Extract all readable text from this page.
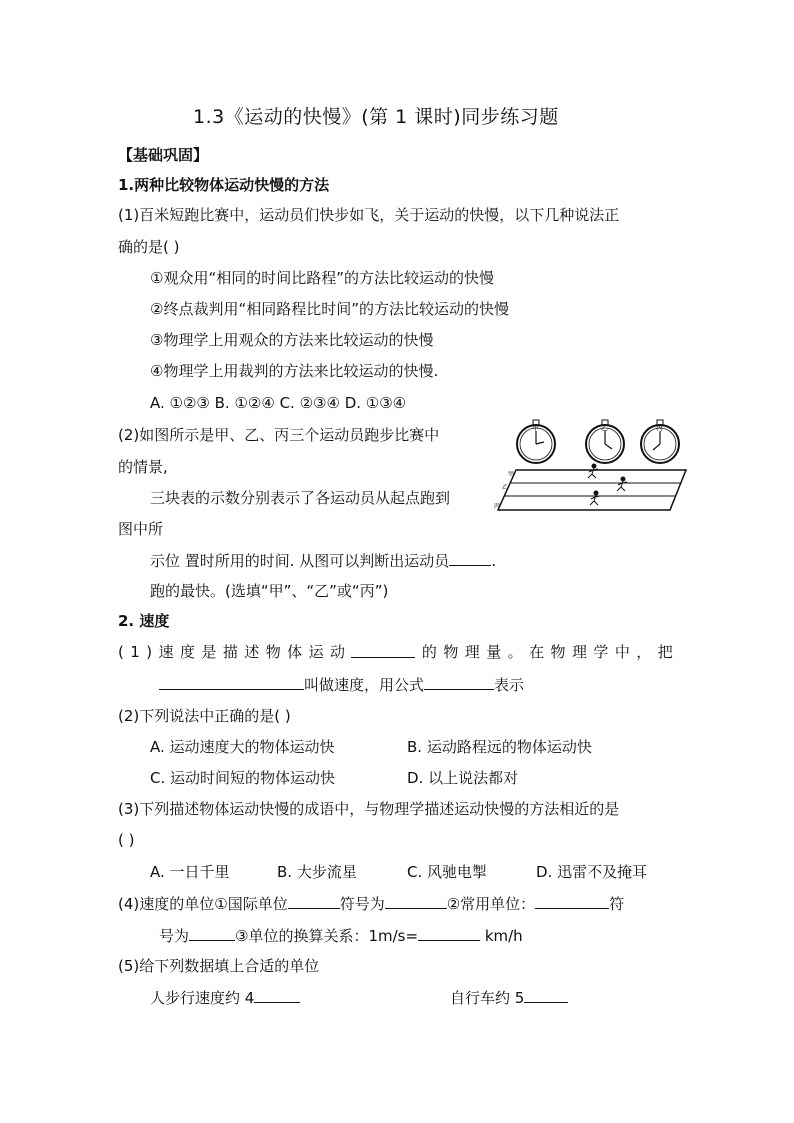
1.3《运动的快慢》(第 1 课时)同步练习题
【基础巩固】
1.两种比较物体运动快慢的方法
(1)百米短跑比赛中，运动员们快步如飞，关于运动的快慢，以下几种说法正
确的是( )
①观众用“相同的时间比路程”的方法比较运动的快慢
②终点裁判用“相同路程比时间”的方法比较运动的快慢
③物理学上用观众的方法来比较运动的快慢
④物理学上用裁判的方法来比较运动的快慢.
A. ①②③ B. ①②④ C. ②③④ D. ①③④
(2)如图所示是甲、乙、丙三个运动员跑步比赛中
的情景,
三块表的示数分别表示了各运动员从起点跑到
图中所
示位 置时所用的时间. 从图可以判断出运动员	.
跑的最快。(选填“甲”、“乙”或“丙”)
甲	乙	丙
甲
乙
丙
2. 速度
( 1 ) 速 度 是 描 述 物 体 运 动	的 物 理 量 。 在 物 理 学 中 ， 把
叫做速度，用公式	表示
(2)下列说法中正确的是( )
A. 运动速度大的物体运动快	B. 运动路程远的物体运动快
C. 运动时间短的物体运动快	D. 以上说法都对
(3)下列描述物体运动快慢的成语中，与物理学描述运动快慢的方法相近的是
( )
A. 一日千里	B. 大步流星	C. 风驰电掣	D. 迅雷不及掩耳
(4)速度的单位①国际单位	符号为	②常用单位：	符
号为	③单位的换算关系：1m/s=	km/h
(5)给下列数据填上合适的单位
人步行速度约 4	自行车约 5
